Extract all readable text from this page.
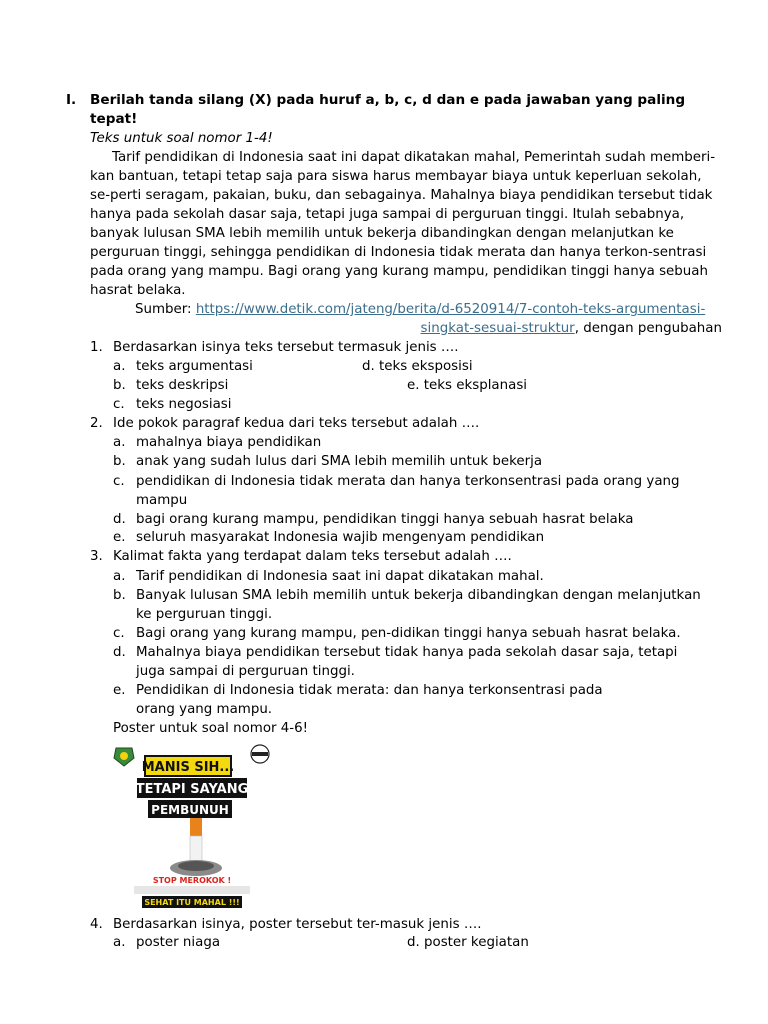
I. Berilah tanda silang (X) pada huruf a, b, c, d dan e pada jawaban yang paling tepat!
Teks untuk soal nomor 1-4!
Tarif pendidikan di Indonesia saat ini dapat dikatakan mahal, Pemerintah sudah memberi-kan bantuan, tetapi tetap saja para siswa harus membayar biaya untuk keperluan sekolah, se-perti seragam, pakaian, buku, dan sebagainya. Mahalnya biaya pendidikan tersebut tidak hanya pada sekolah dasar saja, tetapi juga sampai di perguruan tinggi. Itulah sebabnya, banyak lulusan SMA lebih memilih untuk bekerja dibandingkan dengan melanjutkan ke perguruan tinggi, sehingga pendidikan di Indonesia tidak merata dan hanya terkon-sentrasi pada orang yang mampu. Bagi orang yang kurang mampu, pendidikan tinggi hanya sebuah hasrat belaka.
Sumber: https://www.detik.com/jateng/berita/d-6520914/7-contoh-teks-argumentasi-
singkat-sesuai-struktur, dengan pengubahan
1. Berdasarkan isinya teks tersebut termasuk jenis ….
a. teks argumentasi
b. teks deskripsi
c. teks negosiasi
d. teks eksposisi
e. teks eksplanasi
2. Ide pokok paragraf kedua dari teks tersebut adalah ….
a. mahalnya biaya pendidikan
b. anak yang sudah lulus dari SMA lebih memilih untuk bekerja
c. pendidikan di Indonesia tidak merata dan hanya terkonsentrasi pada orang yang
mampu
d. bagi orang kurang mampu, pendidikan tinggi hanya sebuah hasrat belaka
e. seluruh masyarakat Indonesia wajib mengenyam pendidikan
3. Kalimat fakta yang terdapat dalam teks tersebut adalah ….
a. Tarif pendidikan di Indonesia saat ini dapat dikatakan mahal.
b. Banyak lulusan SMA lebih memilih untuk bekerja dibandingkan dengan melanjutkan
ke perguruan tinggi.
c. Bagi orang yang kurang mampu, pen-didikan tinggi hanya sebuah hasrat belaka.
d. Mahalnya biaya pendidikan tersebut tidak hanya pada sekolah dasar saja, tetapi
juga sampai di perguruan tinggi.
e. Pendidikan di Indonesia tidak merata: dan hanya terkonsentrasi pada
orang yang mampu.
Poster untuk soal nomor 4-6!
MANIS SIH...
TETAPI SAYANG
PEMBUNUH
STOP MEROKOK !
SEHAT ITU MAHAL !!!
4. Berdasarkan isinya, poster tersebut ter-masuk jenis ….
a. poster niaga	d. poster kegiatan
